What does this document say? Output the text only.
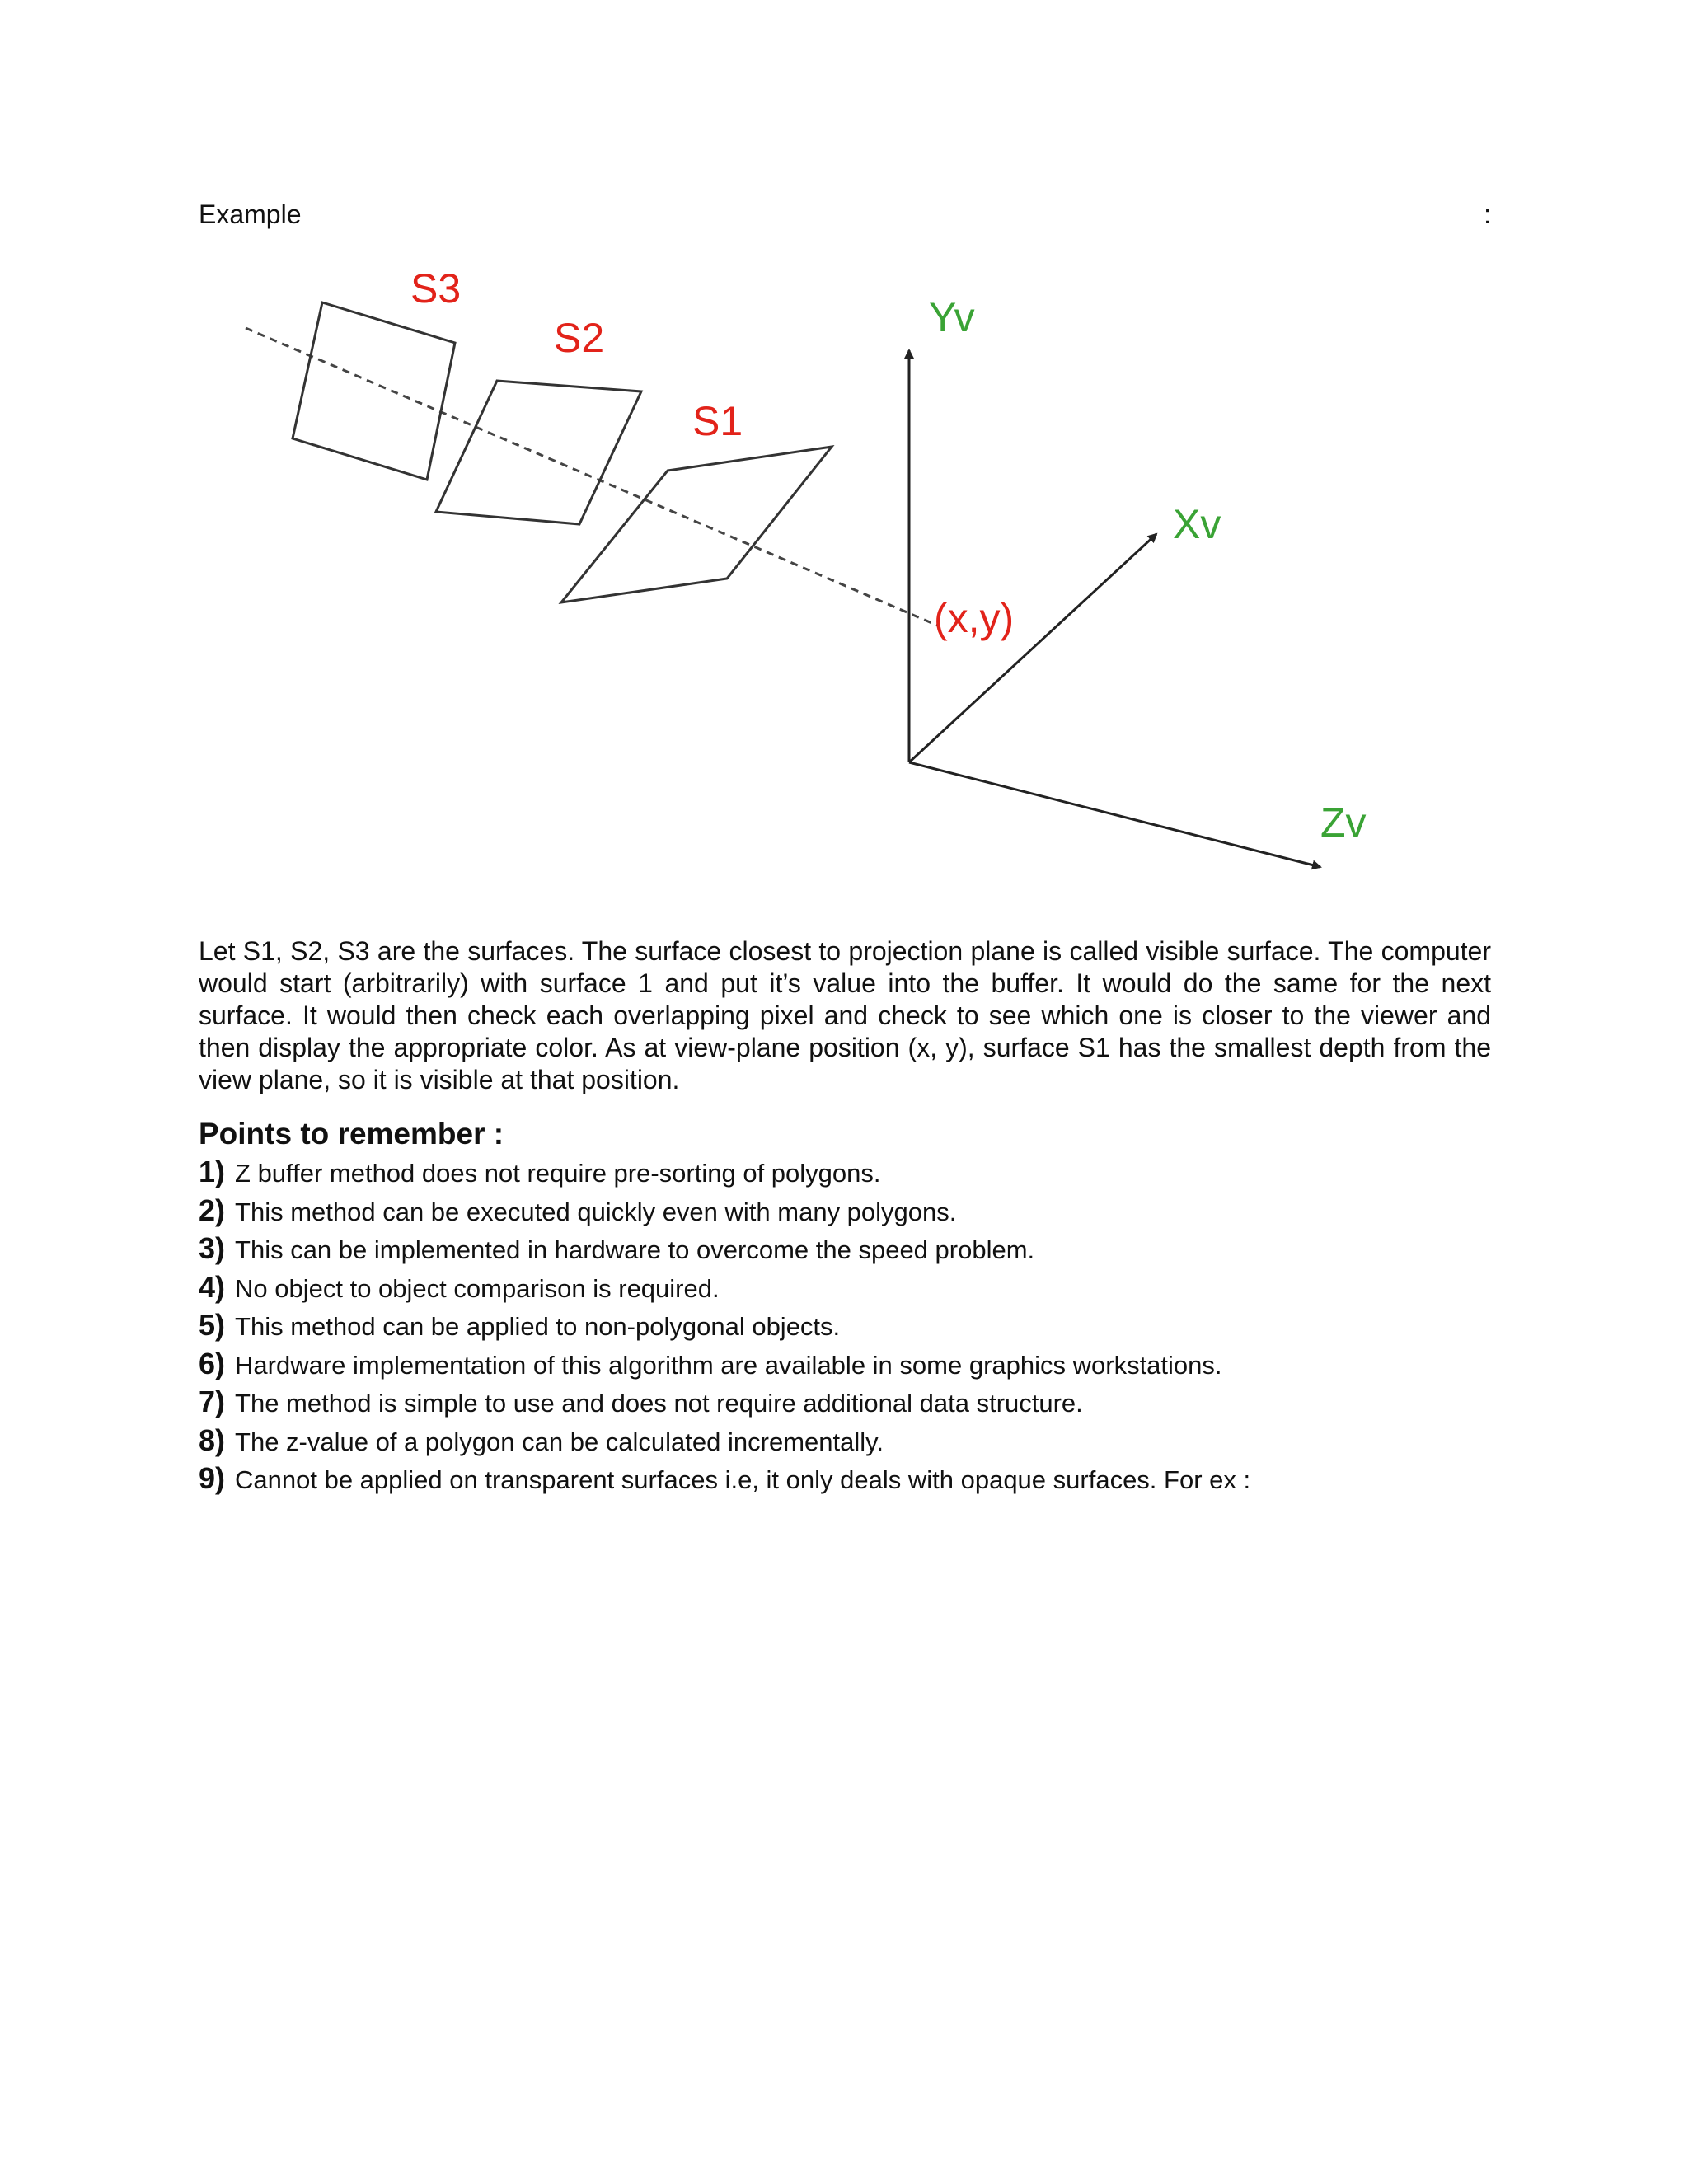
Example	:
S3
S2
S1
(x,y)
Yv
Xv
Zv

Let S1, S2, S3 are the surfaces. The surface closest to projection plane is called visible surface. The computer would start (arbitrarily) with surface 1 and put it’s value into the buffer. It would do the same for the next surface. It would then check each overlapping pixel and check to see which one is closer to the viewer and then display the appropriate color. As at view-plane position (x, y), surface S1 has the smallest depth from the view plane, so it is visible at that position.

Points to remember :
1) Z buffer method does not require pre-sorting of polygons.
2) This method can be executed quickly even with many polygons.
3) This can be implemented in hardware to overcome the speed problem.
4) No object to object comparison is required.
5) This method can be applied to non-polygonal objects.
6) Hardware implementation of this algorithm are available in some graphics workstations.
7) The method is simple to use and does not require additional data structure.
8) The z-value of a polygon can be calculated incrementally.
9) Cannot be applied on transparent surfaces i.e, it only deals with opaque surfaces. For ex :
